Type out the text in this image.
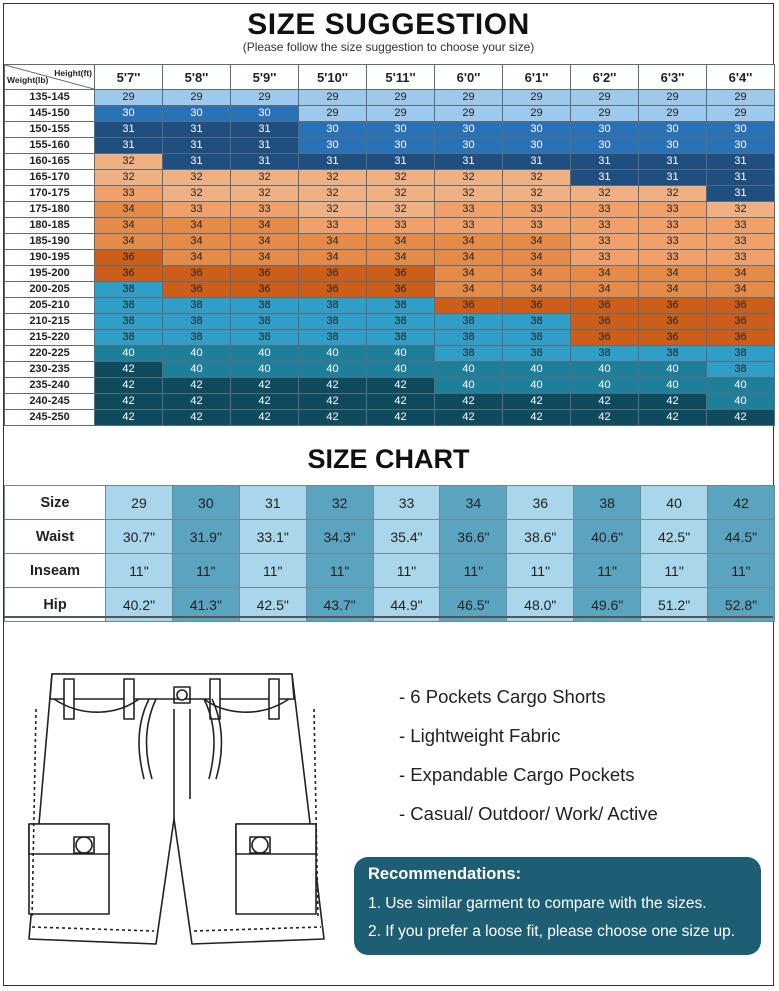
SIZE SUGGESTION
(Please follow the size suggestion to choose your size)
Height(ft)
Weight(lb)	5'7''	5'8''	5'9''	5'10''	5'11''	6'0''	6'1''	6'2''	6'3''	6'4''
135-145	29	29	29	29	29	29	29	29	29	29
145-150	30	30	30	29	29	29	29	29	29	29
150-155	31	31	31	30	30	30	30	30	30	30
155-160	31	31	31	30	30	30	30	30	30	30
160-165	32	31	31	31	31	31	31	31	31	31
165-170	32	32	32	32	32	32	32	31	31	31
170-175	33	32	32	32	32	32	32	32	32	31
175-180	34	33	33	32	32	33	33	33	33	32
180-185	34	34	34	33	33	33	33	33	33	33
185-190	34	34	34	34	34	34	34	33	33	33
190-195	36	34	34	34	34	34	34	33	33	33
195-200	36	36	36	36	36	34	34	34	34	34
200-205	38	36	36	36	36	34	34	34	34	34
205-210	38	38	38	38	38	36	36	36	36	36
210-215	38	38	38	38	38	38	38	36	36	36
215-220	38	38	38	38	38	38	38	36	36	36
220-225	40	40	40	40	40	38	38	38	38	38
230-235	42	40	40	40	40	40	40	40	40	38
235-240	42	42	42	42	42	40	40	40	40	40
240-245	42	42	42	42	42	42	42	42	42	40
245-250	42	42	42	42	42	42	42	42	42	42
SIZE CHART
Size	29	30	31	32	33	34	36	38	40	42
Waist	30.7"	31.9"	33.1"	34.3"	35.4"	36.6"	38.6"	40.6"	42.5"	44.5"
Inseam	11"	11"	11"	11"	11"	11"	11"	11"	11"	11"
Hip	40.2"	41.3"	42.5"	43.7"	44.9"	46.5"	48.0"	49.6"	51.2"	52.8"
- 6 Pockets Cargo Shorts
- Lightweight Fabric
- Expandable Cargo Pockets
- Casual/ Outdoor/ Work/ Active
Recommendations:
1. Use similar garment to compare with the sizes.
2. If you prefer a loose fit, please choose one size up.
